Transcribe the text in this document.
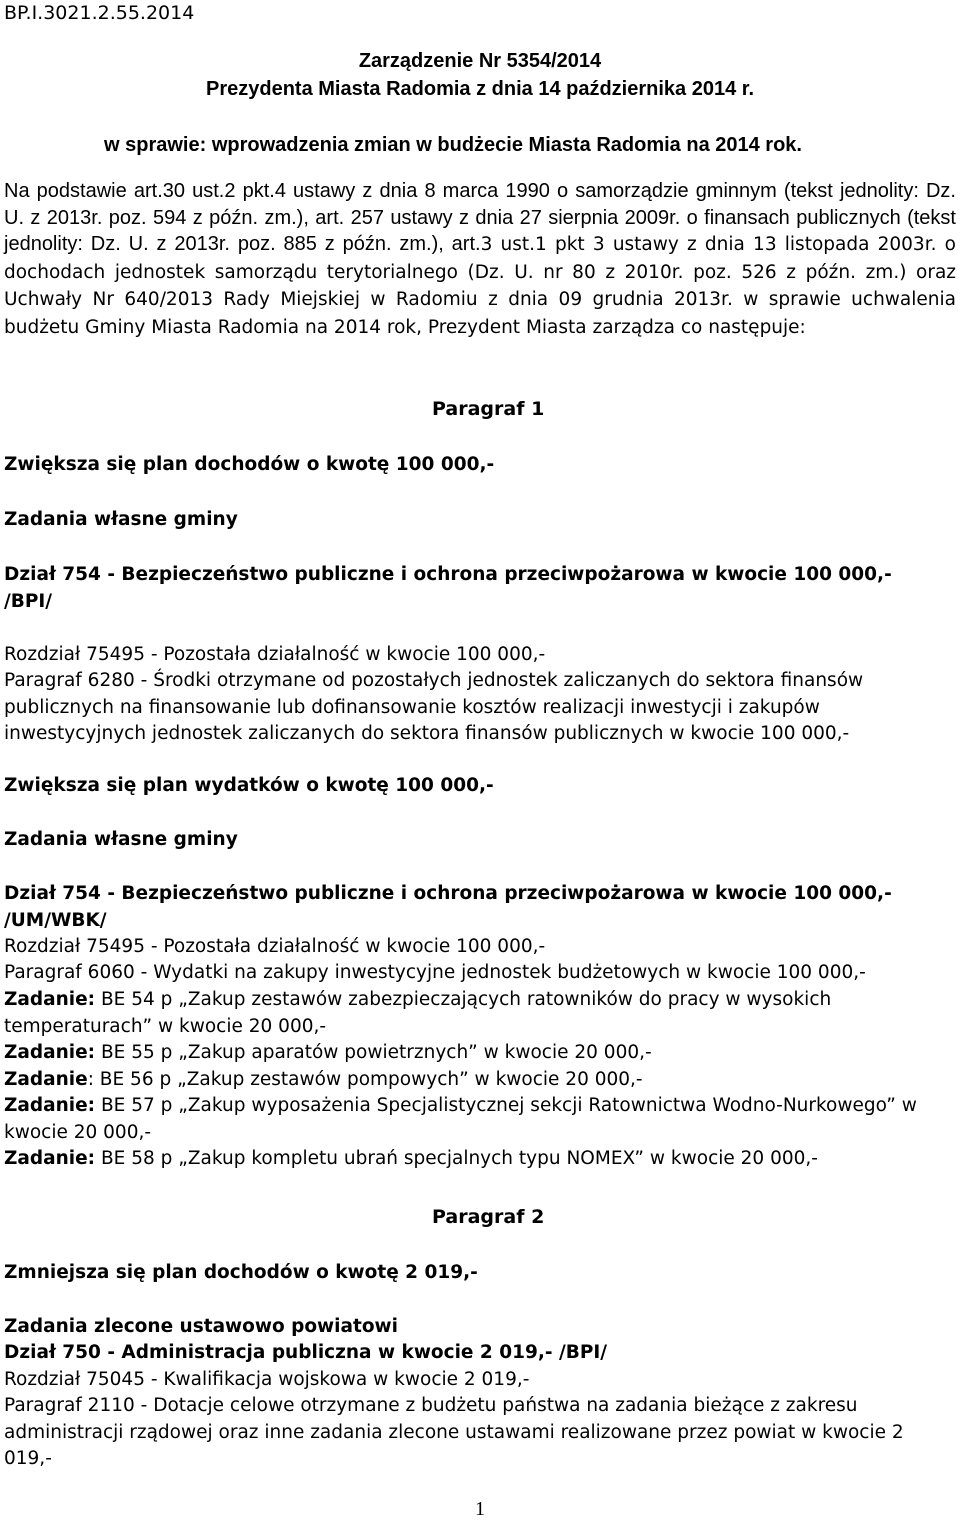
BP.I.3021.2.55.2014
Zarządzenie Nr 5354/2014
Prezydenta Miasta Radomia z dnia 14 października 2014 r.
w sprawie: wprowadzenia zmian w budżecie Miasta Radomia na 2014 rok.
Na podstawie art.30 ust.2 pkt.4 ustawy z dnia 8 marca 1990 o samorządzie gminnym (tekst jednolity: Dz. U. z 2013r. poz. 594 z późn. zm.), art. 257 ustawy z dnia 27 sierpnia 2009r. o finansach publicznych (tekst jednolity: Dz. U. z 2013r. poz. 885 z późn. zm.), art.3 ust.1 pkt 3 ustawy z dnia 13 listopada 2003r. o dochodach jednostek samorządu terytorialnego (Dz. U. nr 80 z 2010r. poz. 526 z późn. zm.) oraz Uchwały Nr 640/2013 Rady Miejskiej w Radomiu z dnia 09 grudnia 2013r. w sprawie uchwalenia budżetu Gminy Miasta Radomia na 2014 rok, Prezydent Miasta zarządza co następuje:
Paragraf 1
Zwiększa się plan dochodów o kwotę 100 000,-
Zadania własne gminy
Dział 754 - Bezpieczeństwo publiczne i ochrona przeciwpożarowa w kwocie 100 000,- /BPI/
Rozdział 75495 - Pozostała działalność w kwocie 100 000,-
Paragraf 6280 - Środki otrzymane od pozostałych jednostek zaliczanych do sektora finansów publicznych na finansowanie lub dofinansowanie kosztów realizacji inwestycji i zakupów inwestycyjnych jednostek zaliczanych do sektora finansów publicznych w kwocie 100 000,-
Zwiększa się plan wydatków o kwotę 100 000,-
Zadania własne gminy
Dział 754 - Bezpieczeństwo publiczne i ochrona przeciwpożarowa w kwocie 100 000,- /UM/WBK/
Rozdział 75495 - Pozostała działalność w kwocie 100 000,-
Paragraf 6060 - Wydatki na zakupy inwestycyjne jednostek budżetowych w kwocie 100 000,-
Zadanie: BE 54 p „Zakup zestawów zabezpieczających ratowników do pracy w wysokich temperaturach” w kwocie 20 000,-
Zadanie: BE 55 p „Zakup aparatów powietrznych” w kwocie 20 000,-
Zadanie: BE 56 p „Zakup zestawów pompowych” w kwocie 20 000,-
Zadanie: BE 57 p „Zakup wyposażenia Specjalistycznej sekcji Ratownictwa Wodno-Nurkowego” w kwocie 20 000,-
Zadanie: BE 58 p „Zakup kompletu ubrań specjalnych typu NOMEX” w kwocie 20 000,-
Paragraf 2
Zmniejsza się plan dochodów o kwotę 2 019,-
Zadania zlecone ustawowo powiatowi
Dział 750 - Administracja publiczna w kwocie 2 019,- /BPI/
Rozdział 75045 - Kwalifikacja wojskowa w kwocie 2 019,-
Paragraf 2110 - Dotacje celowe otrzymane z budżetu państwa na zadania bieżące z zakresu administracji rządowej oraz inne zadania zlecone ustawami realizowane przez powiat w kwocie 2 019,-
1
